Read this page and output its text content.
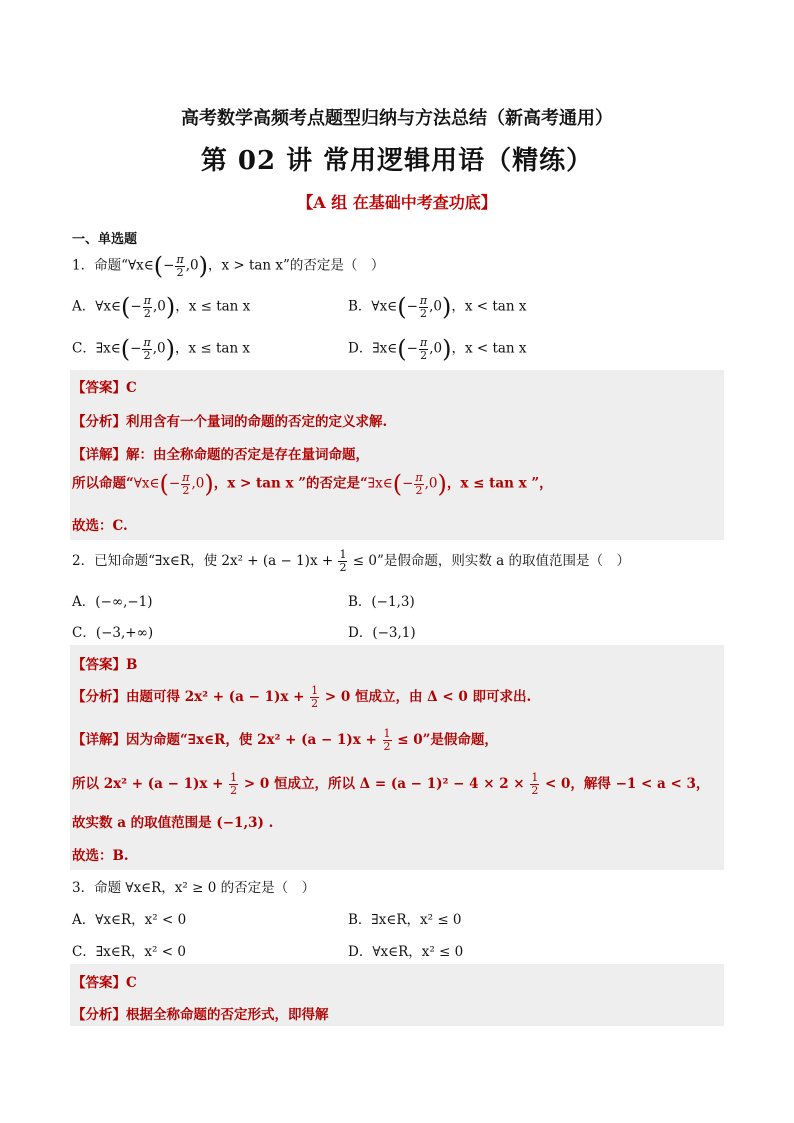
高考数学高频考点题型归纳与方法总结（新高考通用）
第 02 讲 常用逻辑用语（精练）
【A 组 在基础中考查功底】
一、单选题
1．命题“∀x∈(− $\frac{\pi}{2} ,0$)，x > tan x”的否定是（　）
A．∀x∈(− $\frac{\pi}{2} ,0$)，x ≤ tan x	B．∀x∈(− $\frac{\pi}{2} ,0$)，x < tan x
C．∃x∈(− $\frac{\pi}{2} ,0$)，x ≤ tan x	D．∃x∈(− $\frac{\pi}{2} ,0$)，x < tan x
【答案】C
【分析】利用含有一个量词的命题的否定的定义求解.
【详解】解：由全称命题的否定是存在量词命题，
所以命题“∀x∈(− $\frac{\pi}{2} ,0$)，x > tan x ”的否定是“∃x∈(− $\frac{\pi}{2} ,0$)，x ≤ tan x ”，
故选：C.
2．已知命题“∃x∈R，使 $2x^2 + (a - 1)x + \frac{1}{2} \le 0$”是假命题，则实数 a 的取值范围是（　）
A．(−∞,−1)	B．(−1,3)
C．(−3,+∞)	D．(−3,1)
【答案】B
【分析】由题可得 $2x^2 + (a - 1)x + \frac{1}{2} > 0$ 恒成立，由 Δ < 0 即可求出.
【详解】因为命题“∃x∈R，使 $2x^2 + (a - 1)x + \frac{1}{2} \le 0$”是假命题，
所以 $2x^2 + (a - 1)x + \frac{1}{2} > 0$ 恒成立，所以 $\Delta = (a - 1)^2 - 4 \times 2 \times \frac{1}{2} < 0$，解得 −1 < a < 3，
故实数 a 的取值范围是 (−1,3) .
故选：B.
3．命题 ∀x∈R，x² ≥ 0 的否定是（　）
A．∀x∈R，x² < 0	B．∃x∈R，x² ≤ 0
C．∃x∈R，x² < 0	D．∀x∈R，x² ≤ 0
【答案】C
【分析】根据全称命题的否定形式，即得解
